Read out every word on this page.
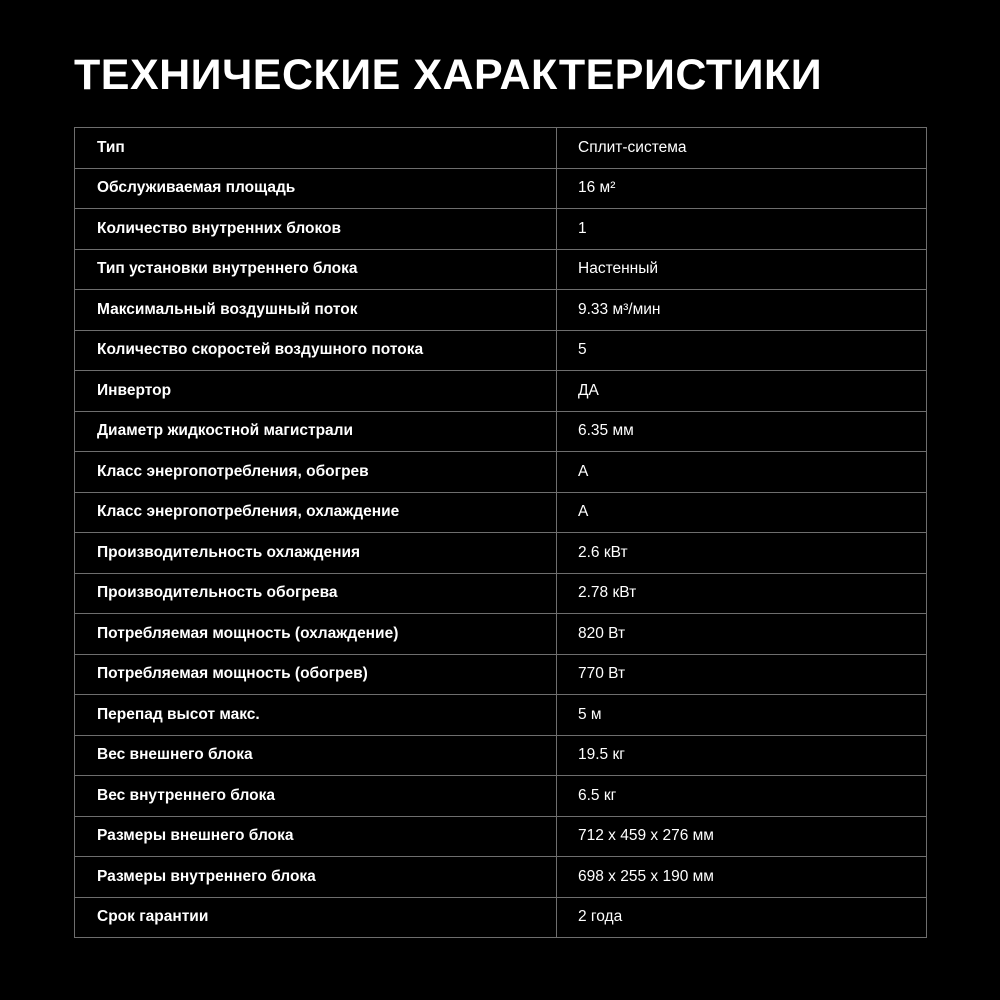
ТЕХНИЧЕСКИЕ ХАРАКТЕРИСТИКИ
Тип	Сплит-система
Обслуживаемая площадь	16 м²
Количество внутренних блоков	1
Тип установки внутреннего блока	Настенный
Максимальный воздушный поток	9.33 м³/мин
Количество скоростей воздушного потока	5
Инвертор	ДА
Диаметр жидкостной магистрали	6.35 мм
Класс энергопотребления, обогрев	A
Класс энергопотребления, охлаждение	A
Производительность охлаждения	2.6 кВт
Производительность обогрева	2.78 кВт
Потребляемая мощность (охлаждение)	820 Вт
Потребляемая мощность (обогрев)	770 Вт
Перепад высот макс.	5 м
Вес внешнего блока	19.5 кг
Вес внутреннего блока	6.5 кг
Размеры внешнего блока	712 x 459 x 276 мм
Размеры внутреннего блока	698 x 255 x 190 мм
Срок гарантии	2 года
